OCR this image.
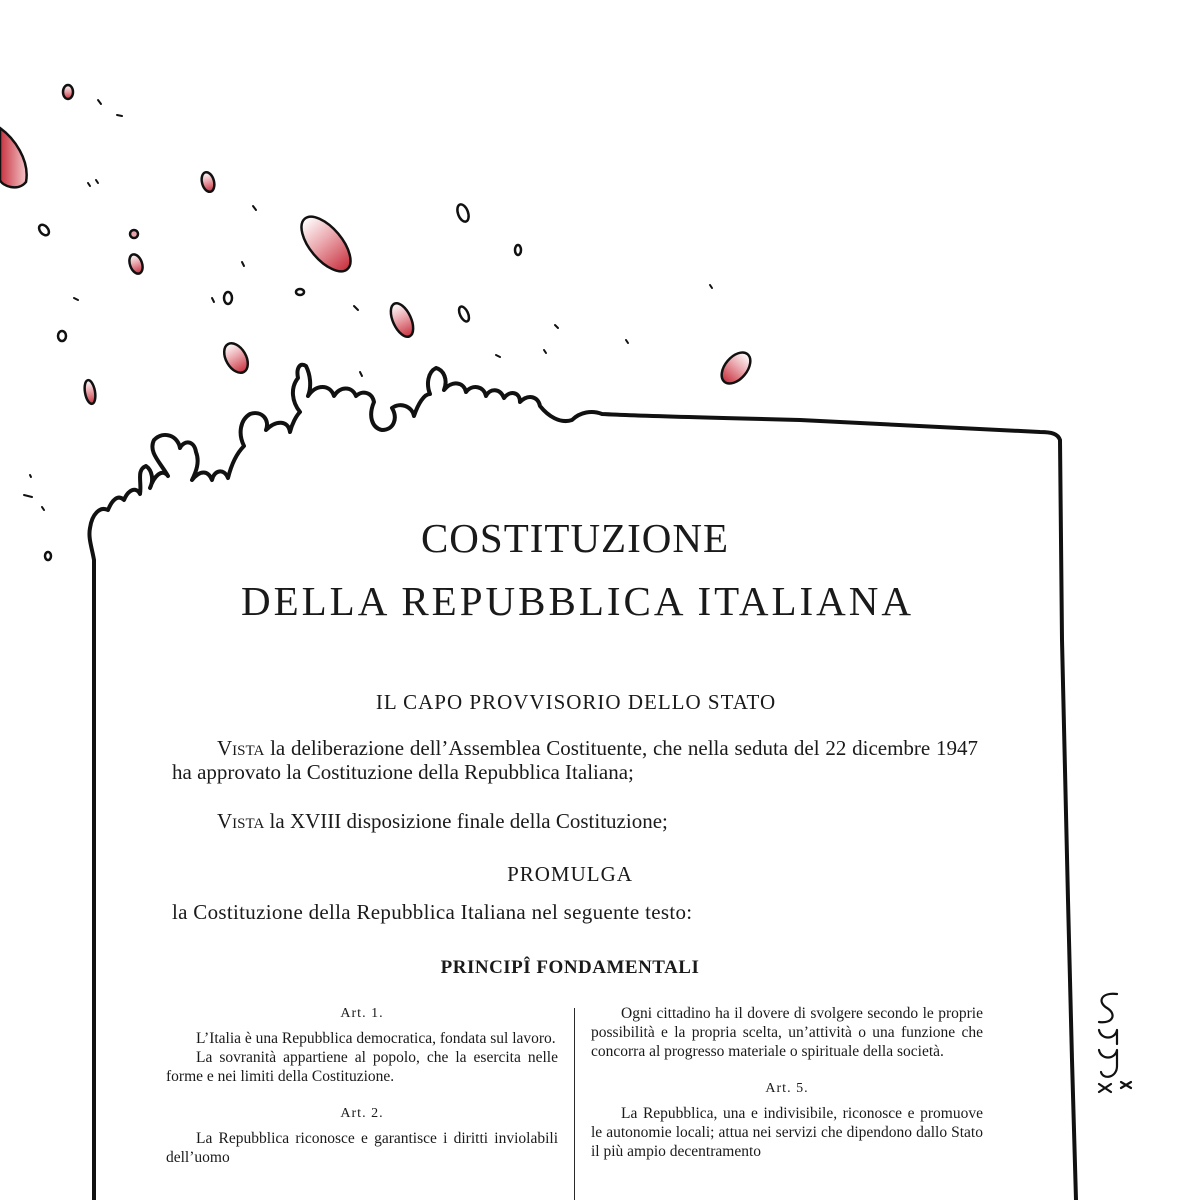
COSTITUZIONE
DELLA REPUBBLICA ITALIANA
IL CAPO PROVVISORIO DELLO STATO
Vista la deliberazione dell’Assemblea Costituente, che nella seduta del 22 dicembre 1947 ha approvato la Costituzione della Repubblica Italiana;
Vista la XVIII disposizione finale della Costituzione;
PROMULGA
la Costituzione della Repubblica Italiana nel seguente testo:
PRINCIPÎ FONDAMENTALI
Art. 1.

L’Italia è una Repubblica democratica, fondata sul lavoro.

La sovranità appartiene al popolo, che la esercita nelle forme e nei limiti della Costituzione.

Art. 2.

La Repubblica riconosce e garantisce i diritti inviolabili dell’uomo

Ogni cittadino ha il dovere di svolgere secondo le proprie possibilità e la propria scelta, un’attività o una funzione che concorra al progresso materiale o spirituale della società.

Art. 5.

La Repubblica, una e indivisibile, riconosce e promuove le autonomie locali; attua nei servizi che dipendono dallo Stato il più ampio decentramento
